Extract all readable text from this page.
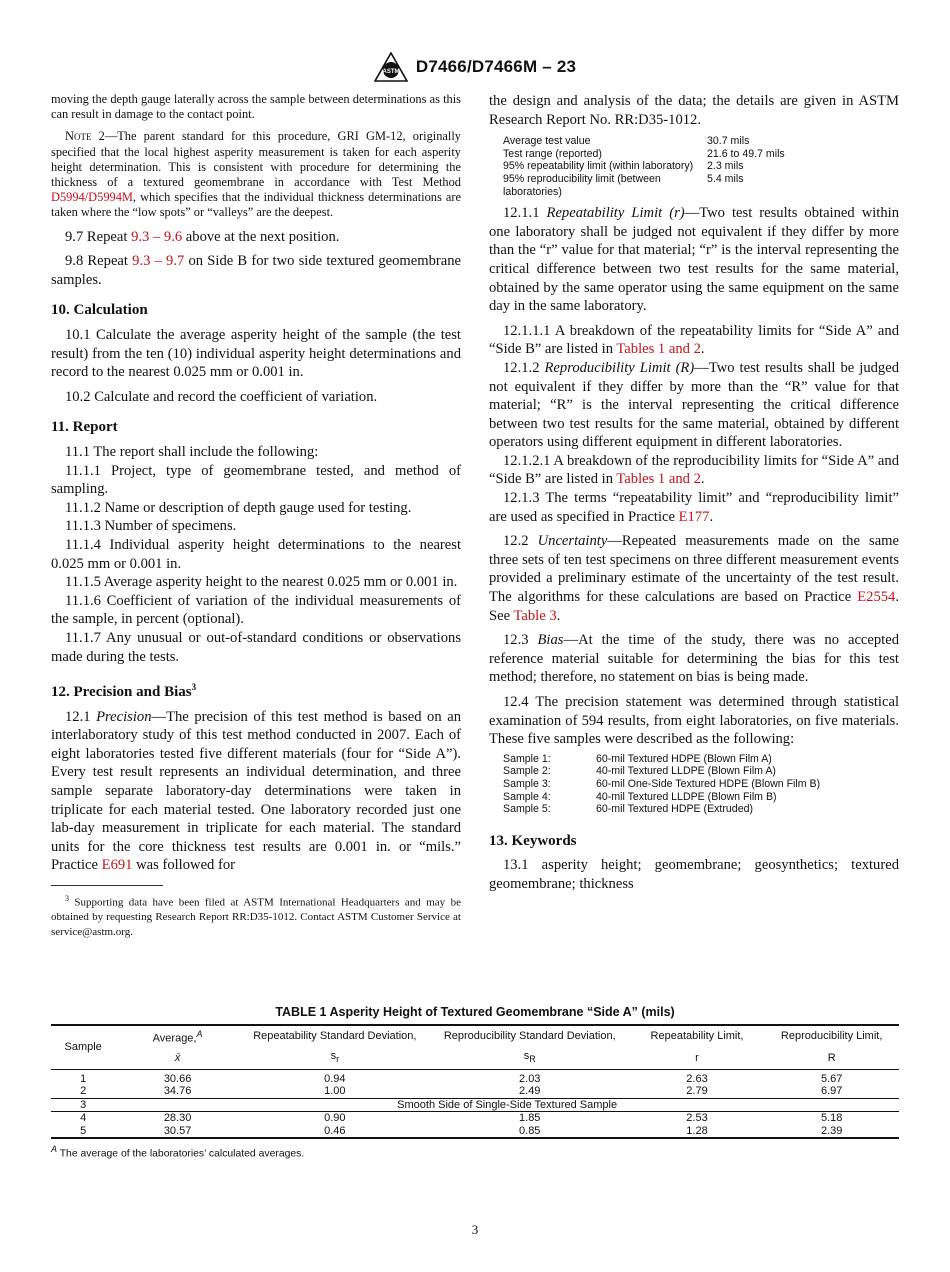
ASTM D7466/D7466M – 23

moving the depth gauge laterally across the sample between determinations as this can result in damage to the contact point.

Note 2—The parent standard for this procedure, GRI GM-12, originally specified that the local highest asperity measurement is taken for each asperity height determination. This is consistent with procedure for determining the thickness of a textured geomembrane in accordance with Test Method D5994/D5994M, which specifies that the individual thickness determinations are taken where the “low spots” or “valleys” are the deepest.

9.7 Repeat 9.3 – 9.6 above at the next position.

9.8 Repeat 9.3 – 9.7 on Side B for two side textured geomembrane samples.

10. Calculation

10.1 Calculate the average asperity height of the sample (the test result) from the ten (10) individual asperity height determinations and record to the nearest 0.025 mm or 0.001 in.

10.2 Calculate and record the coefficient of variation.

11. Report

11.1 The report shall include the following:

11.1.1 Project, type of geomembrane tested, and method of sampling.

11.1.2 Name or description of depth gauge used for testing.

11.1.3 Number of specimens.

11.1.4 Individual asperity height determinations to the nearest 0.025 mm or 0.001 in.

11.1.5 Average asperity height to the nearest 0.025 mm or 0.001 in.

11.1.6 Coefficient of variation of the individual measurements of the sample, in percent (optional).

11.1.7 Any unusual or out-of-standard conditions or observations made during the tests.

12. Precision and Bias$^3$

12.1 Precision—The precision of this test method is based on an interlaboratory study of this test method conducted in 2007. Each of eight laboratories tested five different materials (four for “Side A”). Every test result represents an individual determination, and three sample separate laboratory-day determinations were taken in triplicate for each material tested. One laboratory recorded just one lab-day measurement in triplicate for each material. The standard units for the core thickness test results are 0.001 in. or “mils.” Practice E691 was followed for

$^3$ Supporting data have been filed at ASTM International Headquarters and may be obtained by requesting Research Report RR:D35-1012. Contact ASTM Customer Service at service@astm.org.

the design and analysis of the data; the details are given in ASTM Research Report No. RR:D35-1012.

Average test value	30.7 mils
Test range (reported)	21.6 to 49.7 mils
95% repeatability limit (within laboratory)	2.3 mils
95% reproducibility limit (between laboratories)	5.4 mils

12.1.1 Repeatability Limit (r)—Two test results obtained within one laboratory shall be judged not equivalent if they differ by more than the “r” value for that material; “r” is the interval representing the critical difference between two test results for the same material, obtained by the same operator using the same equipment on the same day in the same laboratory.

12.1.1.1 A breakdown of the repeatability limits for “Side A” and “Side B” are listed in Tables 1 and 2.

12.1.2 Reproducibility Limit (R)—Two test results shall be judged not equivalent if they differ by more than the “R” value for that material; “R” is the interval representing the critical difference between two test results for the same material, obtained by different operators using different equipment in different laboratories.

12.1.2.1 A breakdown of the reproducibility limits for “Side A” and “Side B” are listed in Tables 1 and 2.

12.1.3 The terms “repeatability limit” and “reproducibility limit” are used as specified in Practice E177.

12.2 Uncertainty—Repeated measurements made on the same three sets of ten test specimens on three different measurement events provided a preliminary estimate of the uncertainty of the test result. The algorithms for these calculations are based on Practice E2554. See Table 3.

12.3 Bias—At the time of the study, there was no accepted reference material suitable for determining the bias for this test method; therefore, no statement on bias is being made.

12.4 The precision statement was determined through statistical examination of 594 results, from eight laboratories, on five materials. These five samples were described as the following:

Sample 1:	60-mil Textured HDPE (Blown Film A)
Sample 2:	40-mil Textured LLDPE (Blown Film A)
Sample 3:	60-mil One-Side Textured HDPE (Blown Film B)
Sample 4:	40-mil Textured LLDPE (Blown Film B)
Sample 5:	60-mil Textured HDPE (Extruded)
13. Keywords

13.1 asperity height; geomembrane; geosynthetics; textured geomembrane; thickness

TABLE 1 Asperity Height of Textured Geomembrane “Side A” (mils)
Sample	Average,$^A$	Repeatability Standard Deviation,	Reproducibility Standard Deviation,	Repeatability Limit,	Reproducibility Limit,
	x̄	$s_r$	$s_R$	r	R
1	30.66	0.94	2.03	2.63	5.67
2	34.76	1.00	2.49	2.79	6.97
3	Smooth Side of Single-Side Textured Sample				
4	28.30	0.90	1.85	2.53	5.18
5	30.57	0.46	0.85	1.28	2.39
$^A$ The average of the laboratories’ calculated averages.
3
